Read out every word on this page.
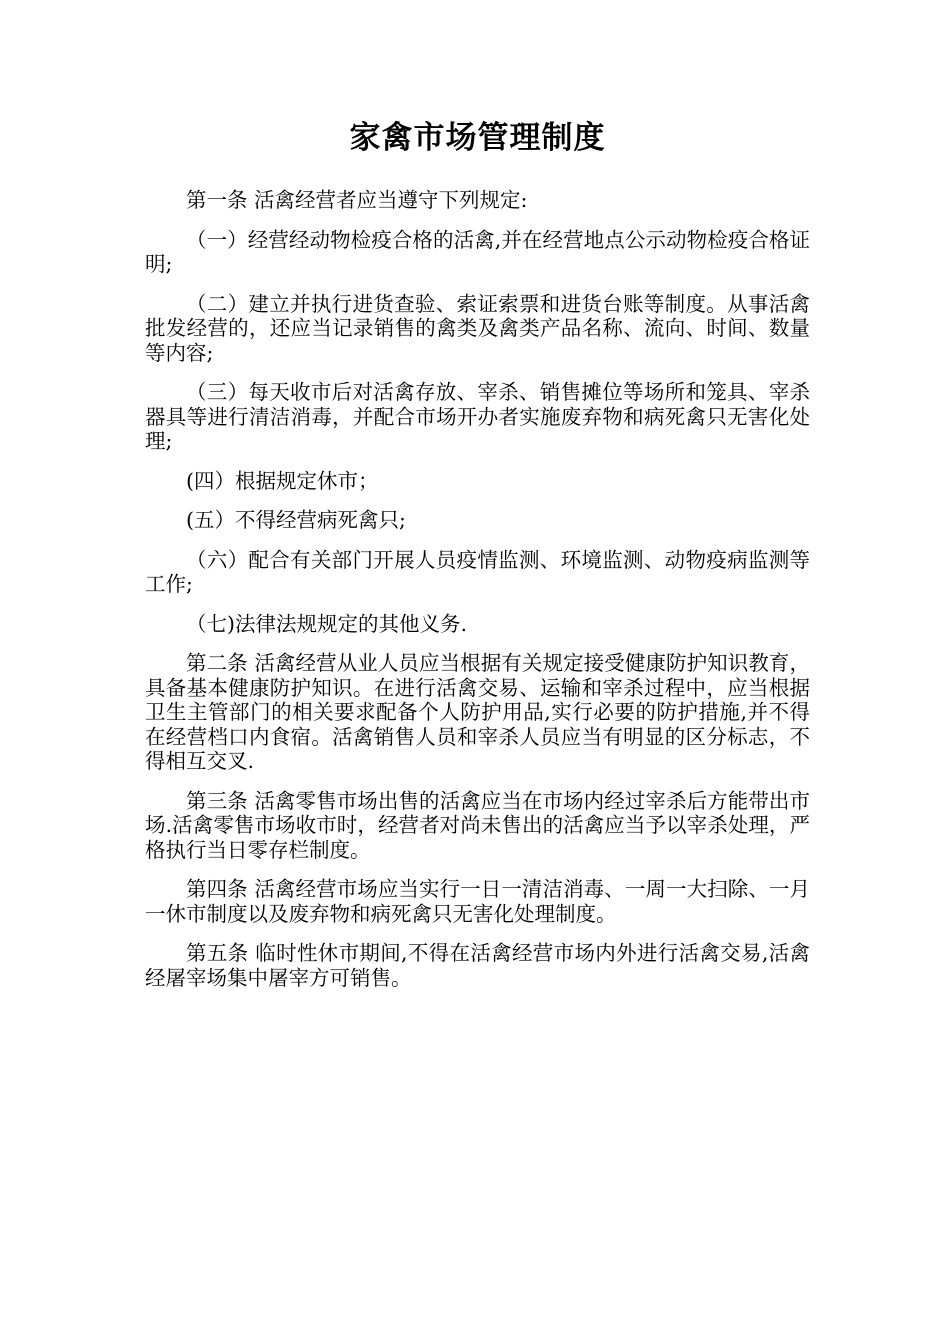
家禽市场管理制度

第一条 活禽经营者应当遵守下列规定:

（一）经营经动物检疫合格的活禽,并在经营地点公示动物检疫合格证明;

（二）建立并执行进货查验、索证索票和进货台账等制度。从事活禽批发经营的，还应当记录销售的禽类及禽类产品名称、流向、时间、数量等内容;

（三）每天收市后对活禽存放、宰杀、销售摊位等场所和笼具、宰杀器具等进行清洁消毒，并配合市场开办者实施废弃物和病死禽只无害化处理;

(四）根据规定休市；

(五）不得经营病死禽只;

（六）配合有关部门开展人员疫情监测、环境监测、动物疫病监测等工作;

（七)法律法规规定的其他义务.

第二条 活禽经营从业人员应当根据有关规定接受健康防护知识教育，具备基本健康防护知识。在进行活禽交易、运输和宰杀过程中，应当根据卫生主管部门的相关要求配备个人防护用品,实行必要的防护措施,并不得在经营档口内食宿。活禽销售人员和宰杀人员应当有明显的区分标志，不得相互交叉.

第三条 活禽零售市场出售的活禽应当在市场内经过宰杀后方能带出市场.活禽零售市场收市时，经营者对尚未售出的活禽应当予以宰杀处理，严格执行当日零存栏制度。

第四条 活禽经营市场应当实行一日一清洁消毒、一周一大扫除、一月一休市制度以及废弃物和病死禽只无害化处理制度。

第五条 临时性休市期间,不得在活禽经营市场内外进行活禽交易,活禽经屠宰场集中屠宰方可销售。
